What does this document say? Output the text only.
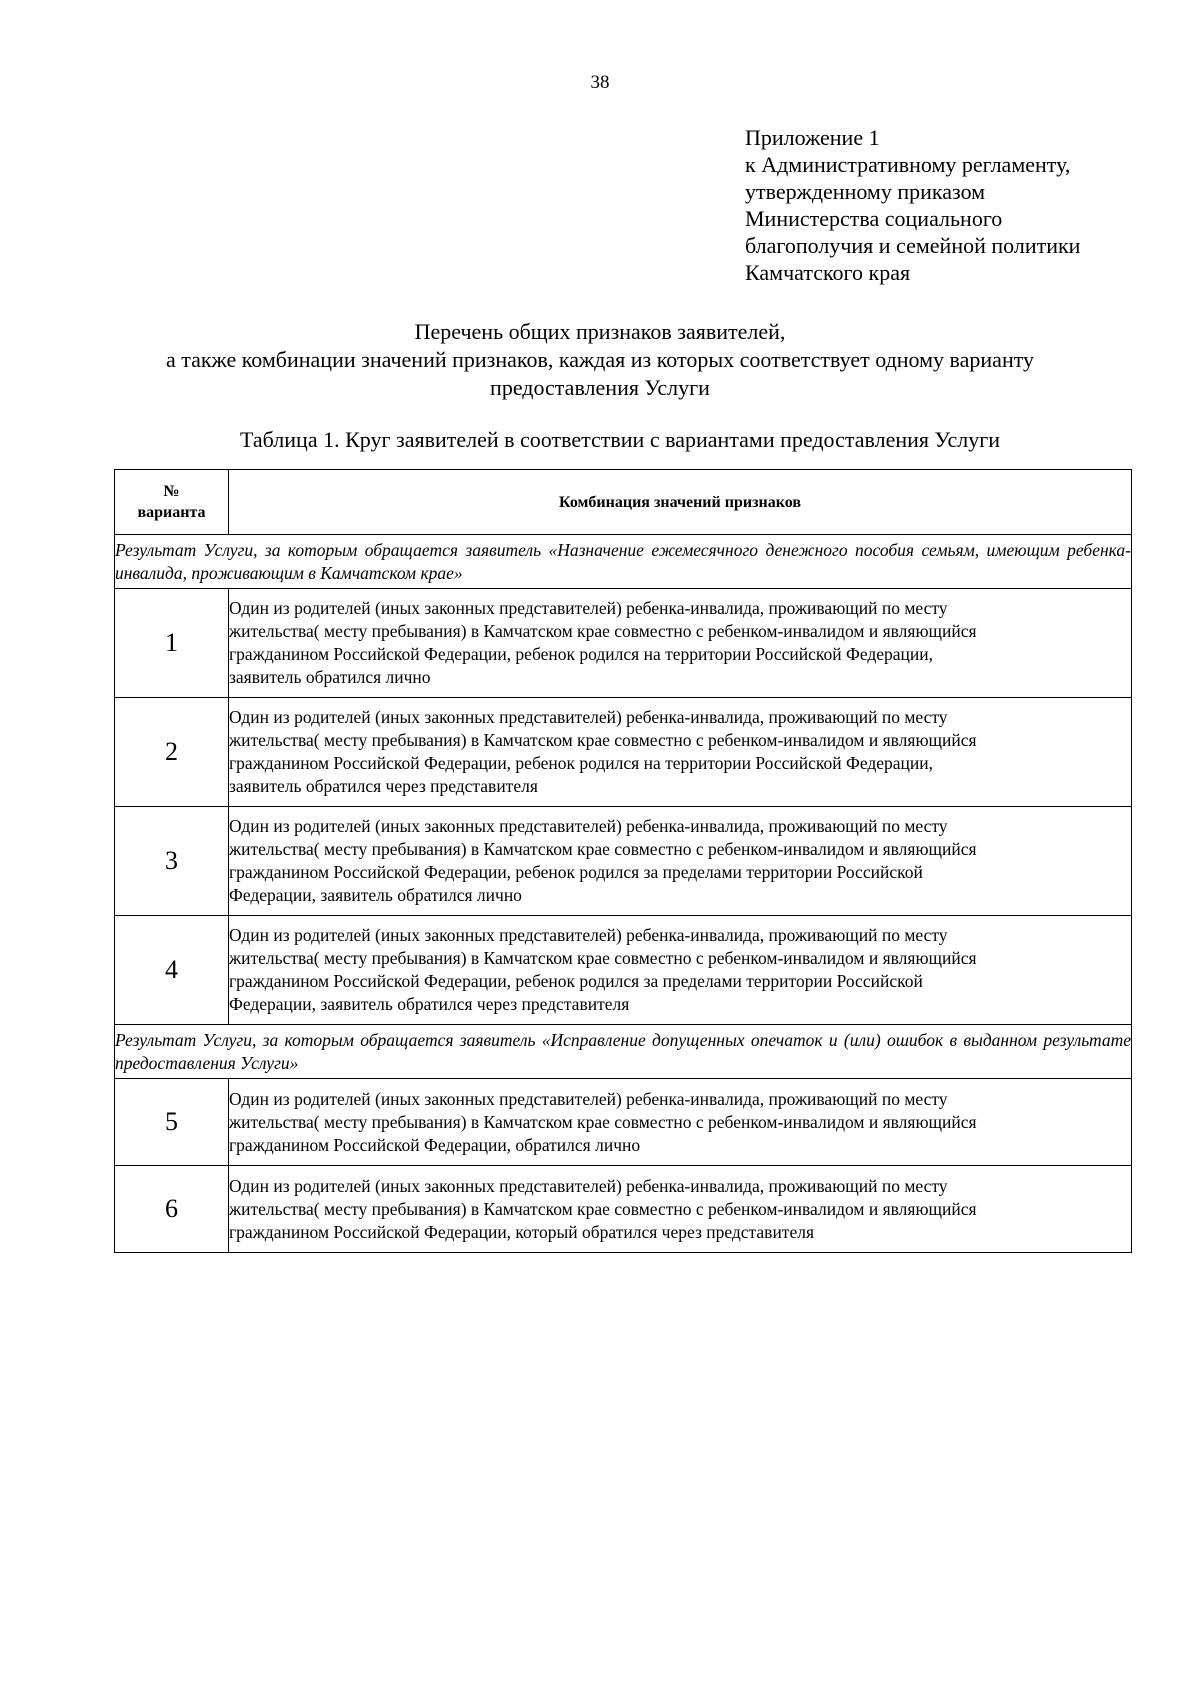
38
Приложение 1
к Административному регламенту,
утвержденному приказом
Министерства социального
благополучия и семейной политики
Камчатского края
Перечень общих признаков заявителей,
а также комбинации значений признаков, каждая из которых соответствует одному варианту
предоставления Услуги
Таблица 1. Круг заявителей в соответствии с вариантами предоставления Услуги
№
варианта	Комбинация значений признаков
Результат Услуги, за которым обращается заявитель «Назначение ежемесячного денежного пособия семьям, имеющим ребенка-инвалида, проживающим в Камчатском крае»	
1	Один из родителей (иных законных представителей) ребенка-инвалида, проживающий по месту
жительства( месту пребывания) в Камчатском крае совместно с ребенком-инвалидом и являющийся
гражданином Российской Федерации, ребенок родился на территории Российской Федерации,
заявитель обратился лично

2	Один из родителей (иных законных представителей) ребенка-инвалида, проживающий по месту
жительства( месту пребывания) в Камчатском крае совместно с ребенком-инвалидом и являющийся
гражданином Российской Федерации, ребенок родился на территории Российской Федерации,
заявитель обратился через представителя

3	Один из родителей (иных законных представителей) ребенка-инвалида, проживающий по месту
жительства( месту пребывания) в Камчатском крае совместно с ребенком-инвалидом и являющийся
гражданином Российской Федерации, ребенок родился за пределами территории Российской
Федерации, заявитель обратился лично

4	Один из родителей (иных законных представителей) ребенка-инвалида, проживающий по месту
жительства( месту пребывания) в Камчатском крае совместно с ребенком-инвалидом и являющийся
гражданином Российской Федерации, ребенок родился за пределами территории Российской
Федерации, заявитель обратился через представителя

Результат Услуги, за которым обращается заявитель «Исправление допущенных опечаток и (или) ошибок в выданном результате предоставления Услуги»	
5	Один из родителей (иных законных представителей) ребенка-инвалида, проживающий по месту
жительства( месту пребывания) в Камчатском крае совместно с ребенком-инвалидом и являющийся
гражданином Российской Федерации, обратился лично

6	Один из родителей (иных законных представителей) ребенка-инвалида, проживающий по месту
жительства( месту пребывания) в Камчатском крае совместно с ребенком-инвалидом и являющийся
гражданином Российской Федерации, который обратился через представителя
